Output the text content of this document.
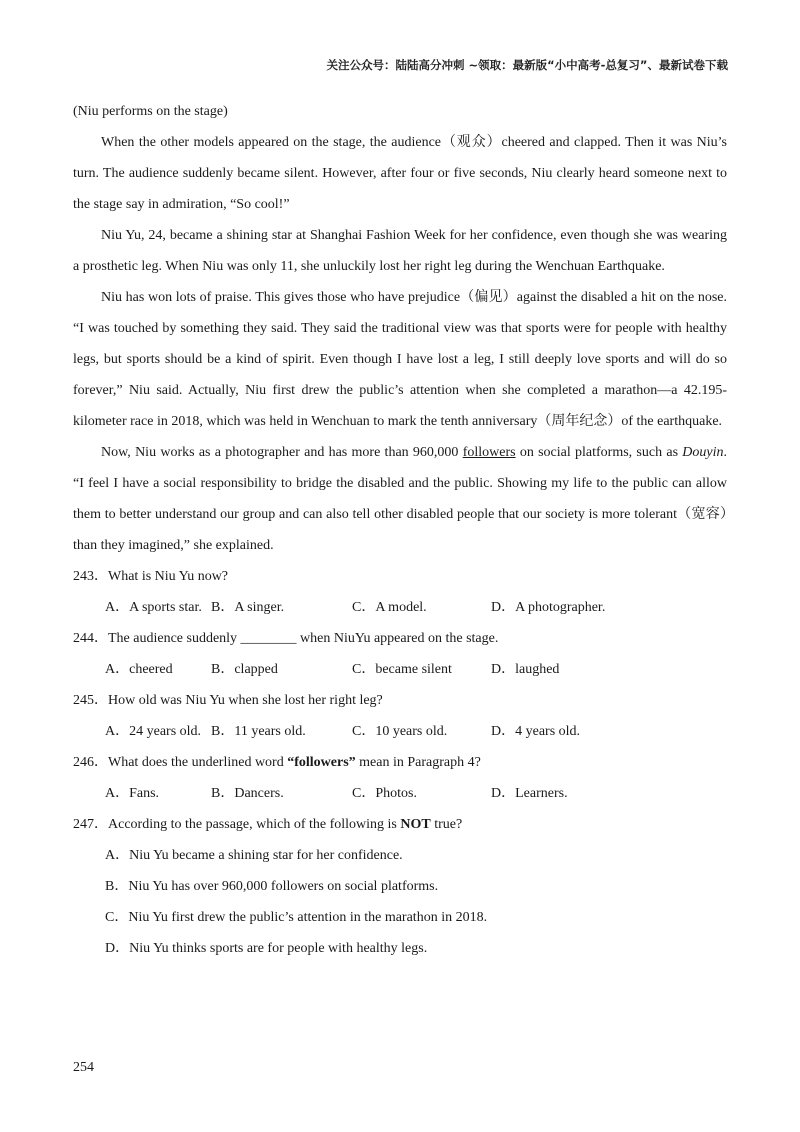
关注公众号：陆陆高分冲刺 ~领取：最新版“小中高考-总复习”、最新试卷下载

(Niu performs on the stage)

When the other models appeared on the stage, the audience（观众）cheered and clapped. Then it was Niu’s turn. The audience suddenly became silent. However, after four or five seconds, Niu clearly heard someone next to the stage say in admiration, “So cool!”

Niu Yu, 24, became a shining star at Shanghai Fashion Week for her confidence, even though she was wearing a prosthetic leg. When Niu was only 11, she unluckily lost her right leg during the Wenchuan Earthquake.

Niu has won lots of praise. This gives those who have prejudice（偏见）against the disabled a hit on the nose. “I was touched by something they said. They said the traditional view was that sports were for people with healthy legs, but sports should be a kind of spirit. Even though I have lost a leg, I still deeply love sports and will do so forever,” Niu said. Actually, Niu first drew the public’s attention when she completed a marathon—a 42.195-kilometer race in 2018, which was held in Wenchuan to mark the tenth anniversary（周年纪念）of the earthquake.

Now, Niu works as a photographer and has more than 960,000 followers on social platforms, such as Douyin. “I feel I have a social responsibility to bridge the disabled and the public. Showing my life to the public can allow them to better understand our group and can also tell other disabled people that our society is more tolerant（宽容）than they imagined,” she explained.

243．What is Niu Yu now?

A．A sports star. B．A singer.	C．A model.	D．A photographer.

244．The audience suddenly ________ when NiuYu appeared on the stage.

A．cheered	B．clapped	C．became silent	D．laughed

245．How old was Niu Yu when she lost her right leg?

A．24 years old. B．11 years old.	C．10 years old.	D．4 years old.

246．What does the underlined word “followers” mean in Paragraph 4?

A．Fans.	B．Dancers.	C．Photos.	D．Learners.

247．According to the passage, which of the following is NOT true?

A．Niu Yu became a shining star for her confidence.

B．Niu Yu has over 960,000 followers on social platforms.

C．Niu Yu first drew the public’s attention in the marathon in 2018.

D．Niu Yu thinks sports are for people with healthy legs.

254
